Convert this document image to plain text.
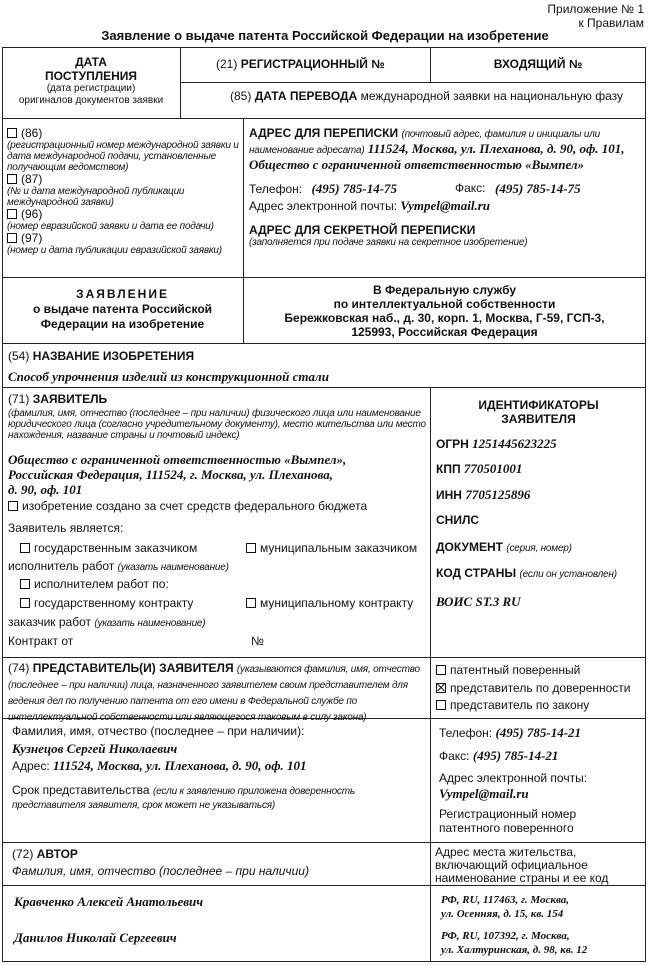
Приложение № 1
к Правилам
Заявление о выдаче патента Российской Федерации на изобретение
ДАТА
ПОСТУПЛЕНИЯ
(дата регистрации)
оригиналов документов заявки
(21) РЕГИСТРАЦИОННЫЙ №	ВХОДЯЩИЙ №
(85) ДАТА ПЕРЕВОДА международной заявки на национальную фазу
(86)
(регистрационный номер международной заявки и дата международной подачи, установленные получающим ведомством)
(87)
(№ и дата международной публикации международной заявки)
(96)
(номер евразийской заявки и дата ее подачи)
(97)
(номер и дата публикации евразийской заявки)
АДРЕС ДЛЯ ПЕРЕПИСКИ (почтовый адрес, фамилия и инициалы или наименование адресата) 111524, Москва, ул. Плеханова, д. 90, оф. 101, Общество с ограниченной ответственностью «Вымпел»
Телефон: (495) 785-14-75	Факс: (495) 785-14-75
Адрес электронной почты: Vympel@mail.ru
АДРЕС ДЛЯ СЕКРЕТНОЙ ПЕРЕПИСКИ
(заполняется при подаче заявки на секретное изобретение)
ЗАЯВЛЕНИЕ
о выдаче патента Российской
Федерации на изобретение
В Федеральную службу
по интеллектуальной собственности
Бережковская наб., д. 30, корп. 1, Москва, Г-59, ГСП-3,
125993, Российская Федерация
(54) НАЗВАНИЕ ИЗОБРЕТЕНИЯ
Способ упрочнения изделий из конструкционной стали
(71) ЗАЯВИТЕЛЬ
(фамилия, имя, отчество (последнее – при наличии) физического лица или наименование юридического лица (согласно учредительному документу), место жительства или место нахождения, название страны и почтовый индекс)
Общество с ограниченной ответственностью «Вымпел»,
Российская Федерация, 111524, г. Москва, ул. Плеханова,
д. 90, оф. 101
изобретение создано за счет средств федерального бюджета
Заявитель является:
государственным заказчиком	муниципальным заказчиком
исполнитель работ (указать наименование)
исполнителем работ по:
государственному контракту	муниципальному контракту
заказчик работ (указать наименование)
Контракт от	№
ИДЕНТИФИКАТОРЫ
ЗАЯВИТЕЛЯ
ОГРН 1251445623225
КПП 770501001
ИНН 7705125896
СНИЛС
ДОКУМЕНТ (серия, номер)
КОД СТРАНЫ (если он установлен)
ВОИС ST.3 RU
(74) ПРЕДСТАВИТЕЛЬ(И) ЗАЯВИТЕЛЯ (указываются фамилия, имя, отчество (последнее – при наличии) лица, назначенного заявителем своим представителем для ведения дел по получению патента от его имени в Федеральной службе по интеллектуальной собственности или являющегося таковым в силу закона)
патентный поверенный
представитель по доверенности
представитель по закону
Фамилия, имя, отчество (последнее – при наличии):
Кузнецов Сергей Николаевич
Адрес: 111524, Москва, ул. Плеханова, д. 90, оф. 101
Срок представительства (если к заявлению приложена доверенность представителя заявителя, срок может не указываться)
Телефон: (495) 785-14-21
Факс: (495) 785-14-21
Адрес электронной почты:
Vympel@mail.ru
Регистрационный номер
патентного поверенного
(72) АВТОР
Фамилия, имя, отчество (последнее – при наличии)
Адрес места жительства,
включающий официальное
наименование страны и ее код
Кравченко Алексей Анатольевич	РФ, RU, 117463, г. Москва,
ул. Осенняя, д. 15, кв. 154
Данилов Николай Сергеевич	РФ, RU, 107392, г. Москва,
ул. Халтуринская, д. 98, кв. 12
